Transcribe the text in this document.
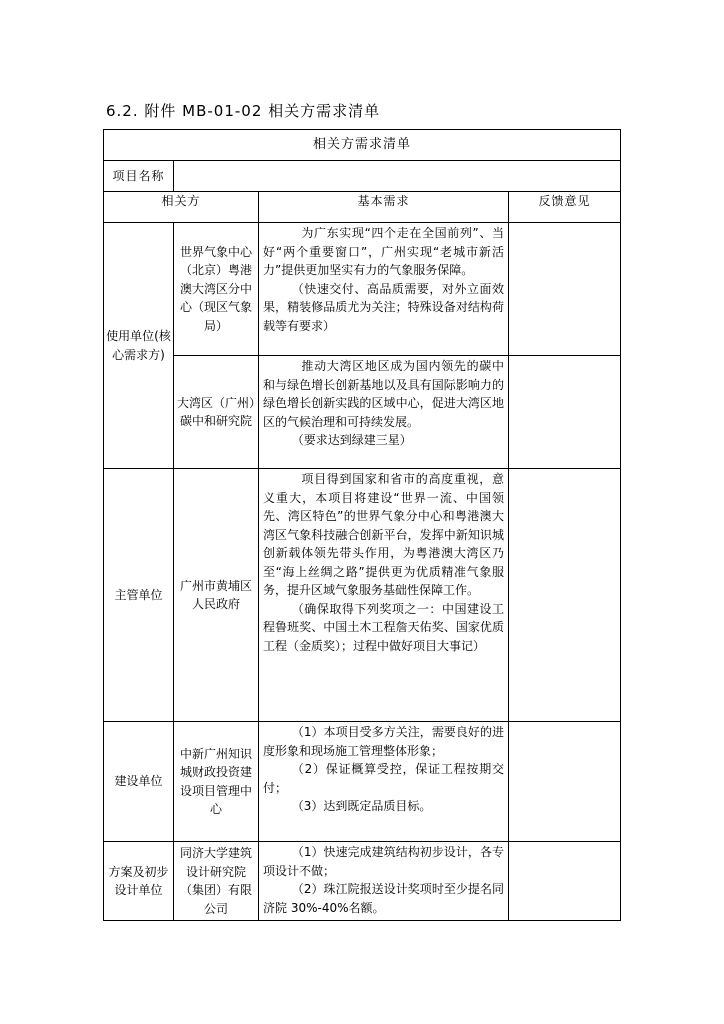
6.2. 附件 MB-01-02 相关方需求清单
相关方需求清单			
项目名称			
相关方		基本需求	反馈意见
使用单位(核心需求方)	世界气象中心（北京）粤港澳大湾区分中心（现区气象局）	为广东实现“四个走在全国前列”、当好“两个重要窗口”，广州实现“老城市新活力”提供更加坚实有力的气象服务保障。

（快速交付、高品质需要，对外立面效果，精装修品质尤为关注；特殊设备对结构荷载等有要求）	

	大湾区（广州）碳中和研究院	推动大湾区地区成为国内领先的碳中和与绿色增长创新基地以及具有国际影响力的绿色增长创新实践的区域中心，促进大湾区地区的气候治理和可持续发展。

（要求达到绿建三星）	

主管单位	广州市黄埔区人民政府	项目得到国家和省市的高度重视，意义重大，本项目将建设“世界一流、中国领先、湾区特色”的世界气象分中心和粤港澳大湾区气象科技融合创新平台，发挥中新知识城创新载体领先带头作用，为粤港澳大湾区乃至“海上丝绸之路”提供更为优质精准气象服务，提升区域气象服务基础性保障工作。

（确保取得下列奖项之一：中国建设工程鲁班奖、中国土木工程詹天佑奖、国家优质工程（金质奖）；过程中做好项目大事记）	

建设单位	中新广州知识城财政投资建设项目管理中心	（1）本项目受多方关注，需要良好的进度形象和现场施工管理整体形象；

（2）保证概算受控，保证工程按期交付；

（3）达到既定品质目标。	

方案及初步设计单位	同济大学建筑设计研究院（集团）有限公司	（1）快速完成建筑结构初步设计，各专项设计不做；

（2）珠江院报送设计奖项时至少提名同济院 30%-40%名额。	
